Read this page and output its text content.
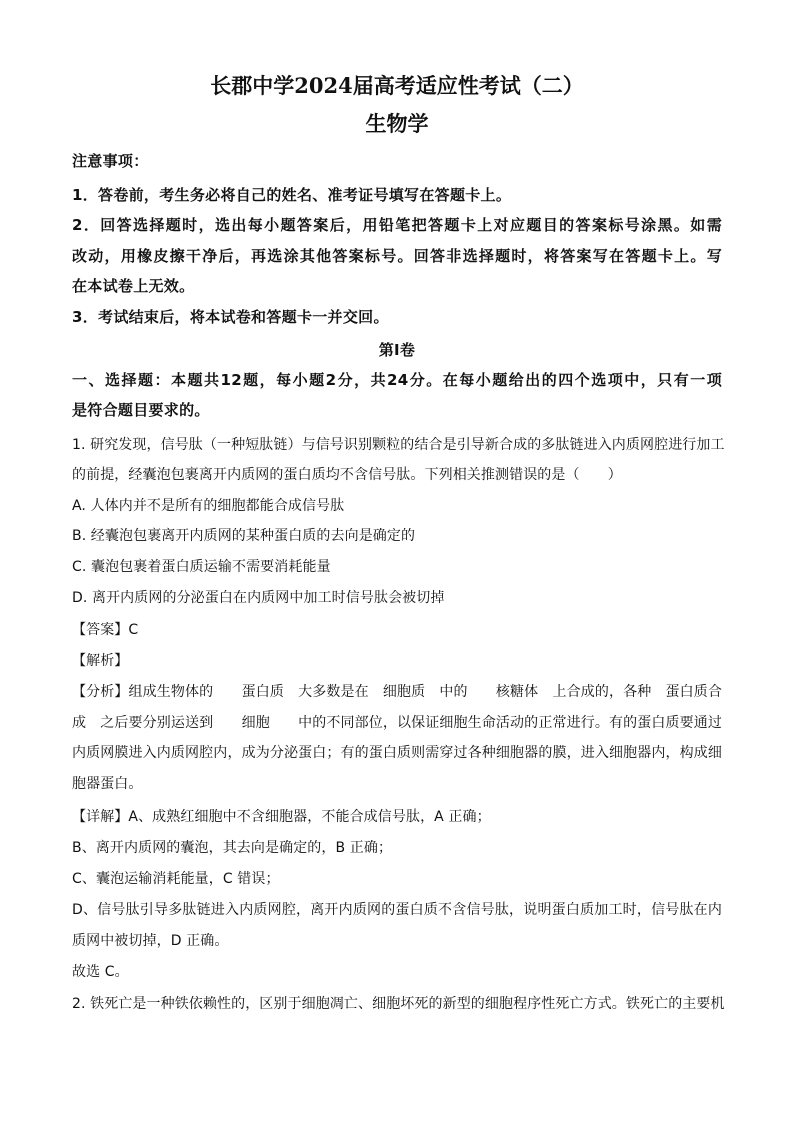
长郡中学2024届高考适应性考试（二）
生物学
注意事项：
1．答卷前，考生务必将自己的姓名、准考证号填写在答题卡上。
2．回答选择题时，选出每小题答案后，用铅笔把答题卡上对应题目的答案标号涂黑。如需
改动，用橡皮擦干净后，再选涂其他答案标号。回答非选择题时，将答案写在答题卡上。写
在本试卷上无效。
3．考试结束后，将本试卷和答题卡一并交回。
第Ⅰ卷
一、选择题：本题共12题，每小题2分，共24分。在每小题给出的四个选项中，只有一项
是符合题目要求的。
1. 研究发现，信号肽（一种短肽链）与信号识别颗粒的结合是引导新合成的多肽链进入内质网腔进行加工
的前提，经囊泡包裹离开内质网的蛋白质均不含信号肽。下列相关推测错误的是（　　）
A. 人体内并不是所有的细胞都能合成信号肽
B. 经囊泡包裹离开内质网的某种蛋白质的去向是确定的
C. 囊泡包裹着蛋白质运输不需要消耗能量
D. 离开内质网的分泌蛋白在内质网中加工时信号肽会被切掉
【答案】C
【解析】
【分析】组成生物体的　　蛋白质　大多数是在　细胞质　中的　　核糖体　上合成的，各种　蛋白质合
成　之后要分别运送到　　细胞　　中的不同部位，以保证细胞生命活动的正常进行。有的蛋白质要通过
内质网膜进入内质网腔内，成为分泌蛋白；有的蛋白质则需穿过各种细胞器的膜，进入细胞器内，构成细
胞器蛋白。
【详解】A、成熟红细胞中不含细胞器，不能合成信号肽，A 正确；
B、离开内质网的囊泡，其去向是确定的，B 正确；
C、囊泡运输消耗能量，C 错误；
D、信号肽引导多肽链进入内质网腔，离开内质网的蛋白质不含信号肽，说明蛋白质加工时，信号肽在内
质网中被切掉，D 正确。
故选 C。
2. 铁死亡是一种铁依赖性的，区别于细胞凋亡、细胞坏死的新型的细胞程序性死亡方式。铁死亡的主要机
